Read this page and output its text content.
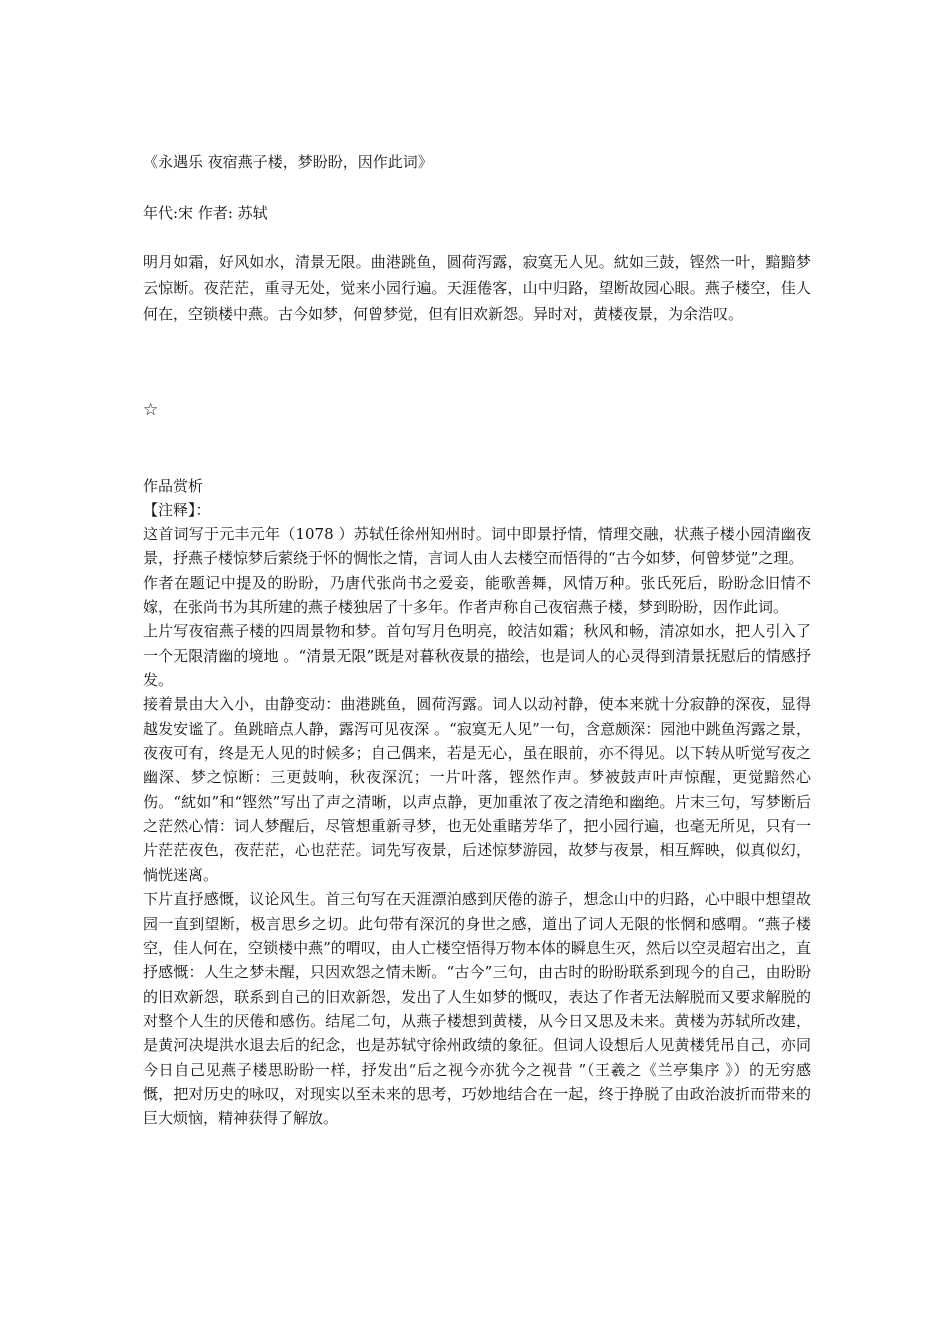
《永遇乐 夜宿燕子楼，梦盼盼，因作此词》
年代:宋 作者: 苏轼

明月如霜，好风如水，清景无限。曲港跳鱼，圆荷泻露，寂寞无人见。紞如三鼓，铿然一叶，黯黯梦云惊断。夜茫茫，重寻无处，觉来小园行遍。天涯倦客，山中归路，望断故园心眼。燕子楼空，佳人何在，空锁楼中燕。古今如梦，何曾梦觉，但有旧欢新怨。异时对，黄楼夜景，为余浩叹。

☆
作品赏析
【注释】：

这首词写于元丰元年（1078 ）苏轼任徐州知州时。词中即景抒情，情理交融，状燕子楼小园清幽夜景，抒燕子楼惊梦后萦绕于怀的惆怅之情，言词人由人去楼空而悟得的“古今如梦，何曾梦觉”之理。

作者在题记中提及的盼盼，乃唐代张尚书之爱妾，能歌善舞，风情万种。张氏死后，盼盼念旧情不嫁，在张尚书为其所建的燕子楼独居了十多年。作者声称自己夜宿燕子楼，梦到盼盼，因作此词。

上片写夜宿燕子楼的四周景物和梦。首句写月色明亮，皎洁如霜；秋风和畅，清凉如水，把人引入了一个无限清幽的境地 。“清景无限”既是对暮秋夜景的描绘，也是词人的心灵得到清景抚慰后的情感抒发。

接着景由大入小，由静变动：曲港跳鱼，圆荷泻露。词人以动衬静，使本来就十分寂静的深夜，显得越发安谧了。鱼跳暗点人静，露泻可见夜深 。“寂寞无人见”一句，含意颇深：园池中跳鱼泻露之景，夜夜可有，终是无人见的时候多；自己偶来，若是无心，虽在眼前，亦不得见。以下转从听觉写夜之幽深、梦之惊断：三更鼓响，秋夜深沉；一片叶落，铿然作声。梦被鼓声叶声惊醒，更觉黯然心伤。“紞如”和“铿然”写出了声之清晰，以声点静，更加重浓了夜之清绝和幽绝。片末三句，写梦断后之茫然心情：词人梦醒后，尽管想重新寻梦，也无处重睹芳华了，把小园行遍，也毫无所见，只有一片茫茫夜色，夜茫茫，心也茫茫。词先写夜景，后述惊梦游园，故梦与夜景，相互辉映，似真似幻，惝恍迷离。

下片直抒感慨，议论风生。首三句写在天涯漂泊感到厌倦的游子，想念山中的归路，心中眼中想望故园一直到望断，极言思乡之切。此句带有深沉的身世之感，道出了词人无限的怅惘和感喟。“燕子楼空，佳人何在，空锁楼中燕”的喟叹，由人亡楼空悟得万物本体的瞬息生灭，然后以空灵超宕出之，直抒感慨：人生之梦未醒，只因欢怨之情未断。“古今”三句，由古时的盼盼联系到现今的自己，由盼盼的旧欢新怨，联系到自己的旧欢新怨，发出了人生如梦的慨叹，表达了作者无法解脱而又要求解脱的对整个人生的厌倦和感伤。结尾二句，从燕子楼想到黄楼，从今日又思及未来。黄楼为苏轼所改建，是黄河决堤洪水退去后的纪念，也是苏轼守徐州政绩的象征。但词人设想后人见黄楼凭吊自己，亦同今日自己见燕子楼思盼盼一样，抒发出“后之视今亦犹今之视昔 ”（王羲之《兰亭集序 》）的无穷感慨，把对历史的咏叹，对现实以至未来的思考，巧妙地结合在一起，终于挣脱了由政治波折而带来的巨大烦恼，精神获得了解放。
